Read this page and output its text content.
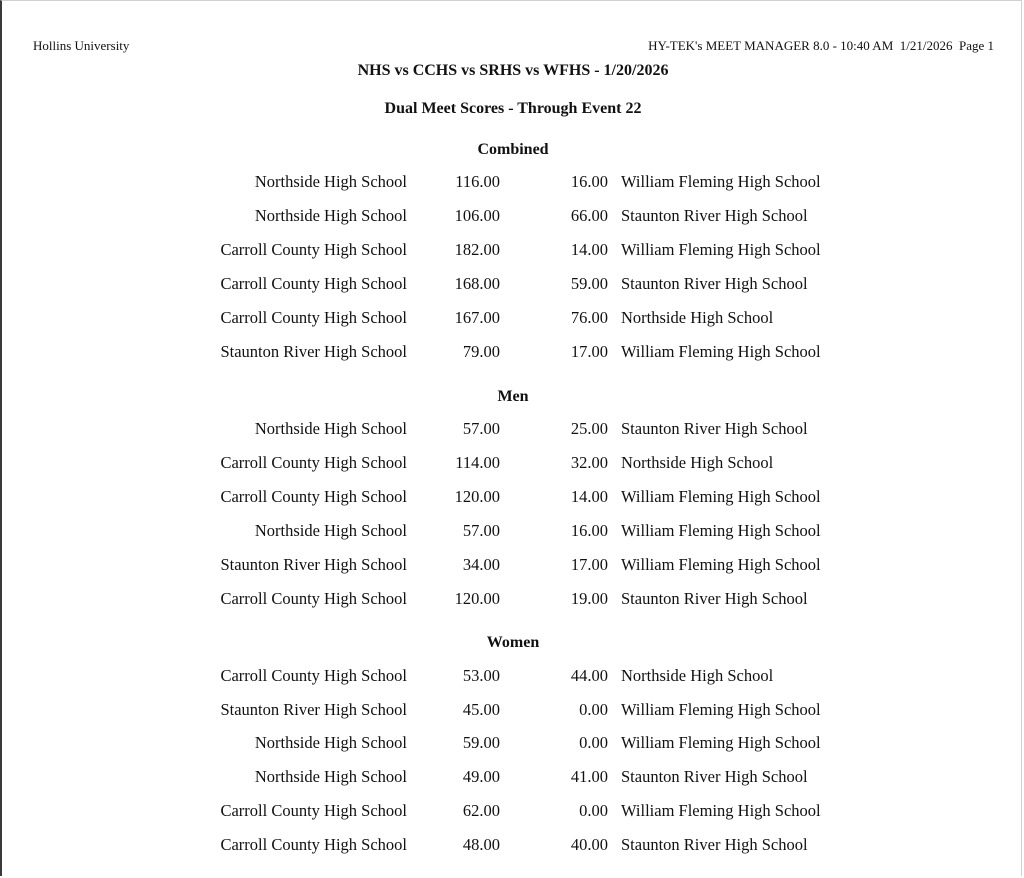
Hollins University	HY-TEK's MEET MANAGER 8.0 - 10:40 AM  1/21/2026  Page 1
NHS vs CCHS vs SRHS vs WFHS - 1/20/2026
Dual Meet Scores - Through Event 22
Combined
Northside High School	116.00	16.00 William Fleming High School
Northside High School	106.00	66.00 Staunton River High School
Carroll County High School	182.00	14.00 William Fleming High School
Carroll County High School	168.00	59.00 Staunton River High School
Carroll County High School	167.00	76.00 Northside High School
Staunton River High School	79.00	17.00 William Fleming High School
Men
Northside High School	57.00	25.00 Staunton River High School
Carroll County High School	114.00	32.00 Northside High School
Carroll County High School	120.00	14.00 William Fleming High School
Northside High School	57.00	16.00 William Fleming High School
Staunton River High School	34.00	17.00 William Fleming High School
Carroll County High School	120.00	19.00 Staunton River High School
Women
Carroll County High School	53.00	44.00 Northside High School
Staunton River High School	45.00	0.00 William Fleming High School
Northside High School	59.00	0.00 William Fleming High School
Northside High School	49.00	41.00 Staunton River High School
Carroll County High School	62.00	0.00 William Fleming High School
Carroll County High School	48.00	40.00 Staunton River High School
